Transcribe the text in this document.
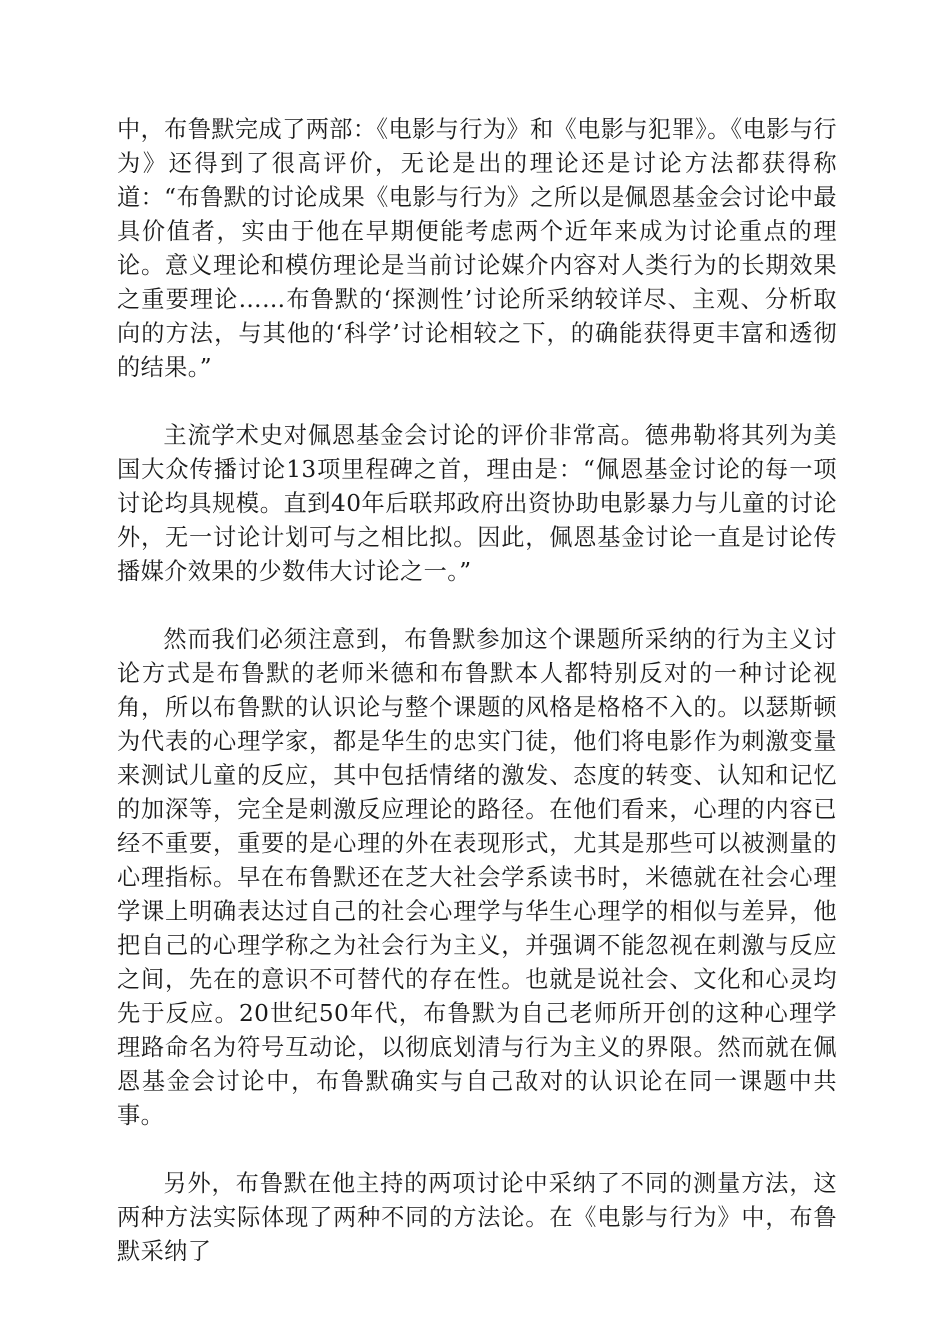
中，布鲁默完成了两部：《电影与行为》和《电影与犯罪》。《电影与行为》还得到了很高评价，无论是出的理论还是讨论方法都获得称道：“布鲁默的讨论成果《电影与行为》之所以是佩恩基金会讨论中最具价值者，实由于他在早期便能考虑两个近年来成为讨论重点的理论。意义理论和模仿理论是当前讨论媒介内容对人类行为的长期效果之重要理论……布鲁默的‘探测性’讨论所采纳较详尽、主观、分析取向的方法，与其他的‘科学’讨论相较之下，的确能获得更丰富和透彻的结果。”

主流学术史对佩恩基金会讨论的评价非常高。德弗勒将其列为美国大众传播讨论13项里程碑之首，理由是：“佩恩基金讨论的每一项讨论均具规模。直到40年后联邦政府出资协助电影暴力与儿童的讨论外，无一讨论计划可与之相比拟。因此，佩恩基金讨论一直是讨论传播媒介效果的少数伟大讨论之一。”

然而我们必须注意到，布鲁默参加这个课题所采纳的行为主义讨论方式是布鲁默的老师米德和布鲁默本人都特别反对的一种讨论视角，所以布鲁默的认识论与整个课题的风格是格格不入的。以瑟斯顿为代表的心理学家，都是华生的忠实门徒，他们将电影作为刺激变量来测试儿童的反应，其中包括情绪的激发、态度的转变、认知和记忆的加深等，完全是刺激反应理论的路径。在他们看来，心理的内容已经不重要，重要的是心理的外在表现形式，尤其是那些可以被测量的心理指标。早在布鲁默还在芝大社会学系读书时，米德就在社会心理学课上明确表达过自己的社会心理学与华生心理学的相似与差异，他把自己的心理学称之为社会行为主义，并强调不能忽视在刺激与反应之间，先在的意识不可替代的存在性。也就是说社会、文化和心灵均先于反应。20世纪50年代，布鲁默为自己老师所开创的这种心理学理路命名为符号互动论，以彻底划清与行为主义的界限。然而就在佩恩基金会讨论中，布鲁默确实与自己敌对的认识论在同一课题中共事。

另外，布鲁默在他主持的两项讨论中采纳了不同的测量方法，这两种方法实际体现了两种不同的方法论。在《电影与行为》中，布鲁默采纳了
